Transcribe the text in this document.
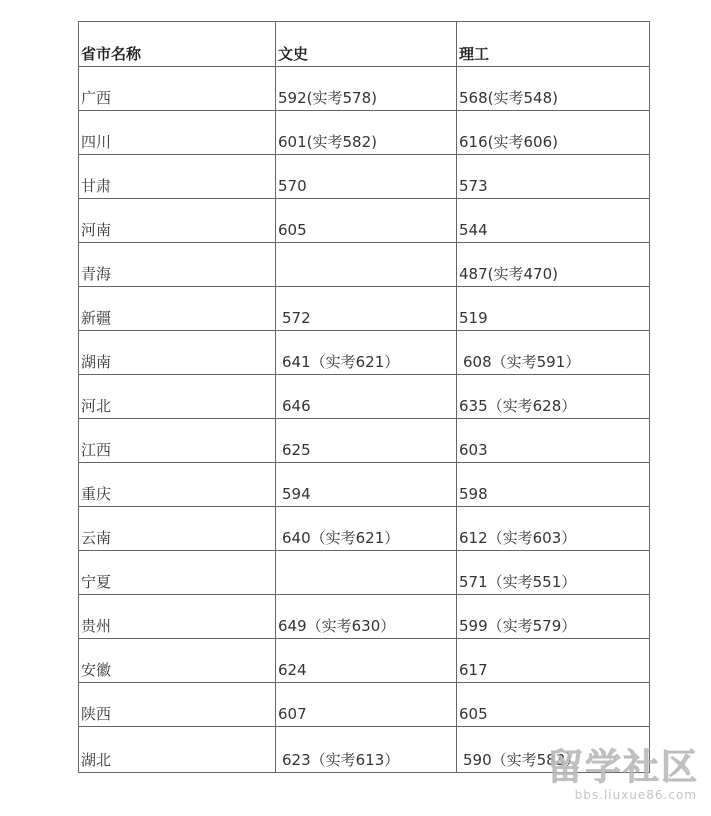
省市名称	文史	理工
广西	592(实考578)	568(实考548)
四川	601(实考582)	616(实考606)
甘肃	570	573
河南	605	544
青海		487(实考470)
新疆	572	519
湖南	641（实考621）	608（实考591）
河北	646	635（实考628）
江西	625	603
重庆	594	598
云南	640（实考621）	612（实考603）
宁夏		571（实考551）
贵州	649（实考630）	599（实考579）
安徽	624	617
陕西	607	605
湖北	623（实考613）	590（实考583）
留学社区
bbs.liuxue86.com
